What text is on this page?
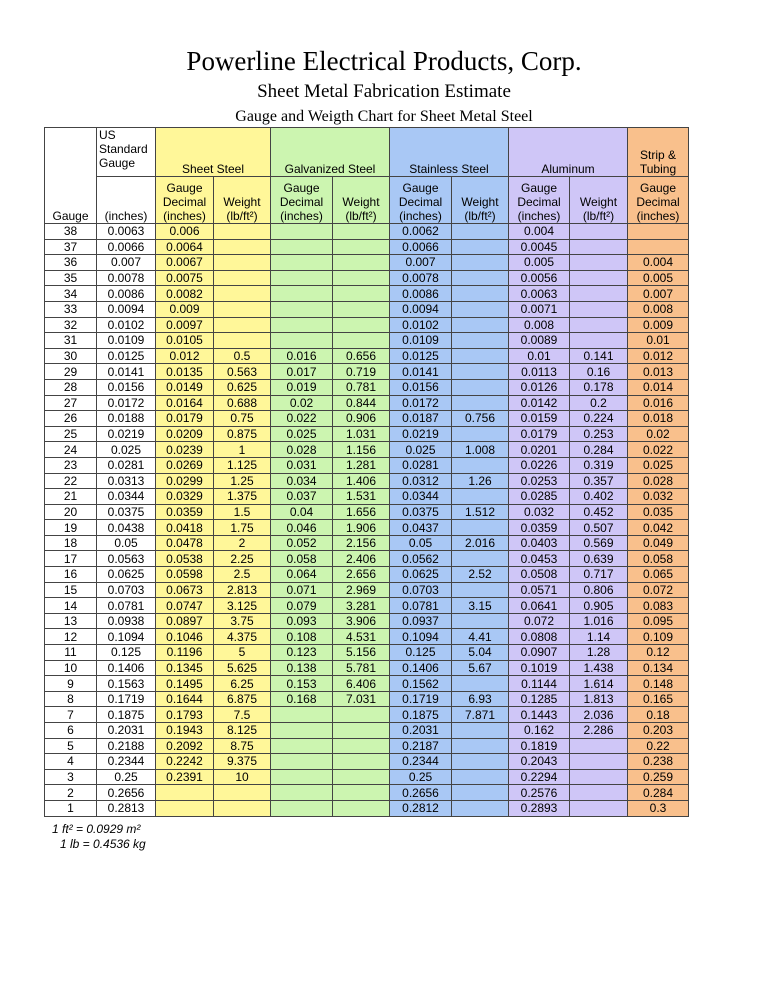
Powerline Electrical Products, Corp.
Sheet Metal Fabrication Estimate
Gauge and Weigth Chart for Sheet Metal Steel
Gauge	US Standard Gauge	Sheet Steel		Galvanized Steel		Stainless Steel		Aluminum		Strip & Tubing

	(inches)	Gauge Decimal (inches)	Weight (lb/ft²)	Gauge Decimal (inches)	Weight (lb/ft²)	Gauge Decimal (inches)	Weight (lb/ft²)	Gauge Decimal (inches)	Weight (lb/ft²)	Gauge Decimal (inches)

38	0.0063	0.006				0.0062		0.004		
37	0.0066	0.0064				0.0066		0.0045		
36	0.007	0.0067				0.007		0.005		0.004
35	0.0078	0.0075				0.0078		0.0056		0.005
34	0.0086	0.0082				0.0086		0.0063		0.007
33	0.0094	0.009				0.0094		0.0071		0.008
32	0.0102	0.0097				0.0102		0.008		0.009
31	0.0109	0.0105				0.0109		0.0089		0.01
30	0.0125	0.012	0.5	0.016	0.656	0.0125		0.01	0.141	0.012
29	0.0141	0.0135	0.563	0.017	0.719	0.0141		0.0113	0.16	0.013
28	0.0156	0.0149	0.625	0.019	0.781	0.0156		0.0126	0.178	0.014
27	0.0172	0.0164	0.688	0.02	0.844	0.0172		0.0142	0.2	0.016
26	0.0188	0.0179	0.75	0.022	0.906	0.0187	0.756	0.0159	0.224	0.018
25	0.0219	0.0209	0.875	0.025	1.031	0.0219		0.0179	0.253	0.02
24	0.025	0.0239	1	0.028	1.156	0.025	1.008	0.0201	0.284	0.022
23	0.0281	0.0269	1.125	0.031	1.281	0.0281		0.0226	0.319	0.025
22	0.0313	0.0299	1.25	0.034	1.406	0.0312	1.26	0.0253	0.357	0.028
21	0.0344	0.0329	1.375	0.037	1.531	0.0344		0.0285	0.402	0.032
20	0.0375	0.0359	1.5	0.04	1.656	0.0375	1.512	0.032	0.452	0.035
19	0.0438	0.0418	1.75	0.046	1.906	0.0437		0.0359	0.507	0.042
18	0.05	0.0478	2	0.052	2.156	0.05	2.016	0.0403	0.569	0.049
17	0.0563	0.0538	2.25	0.058	2.406	0.0562		0.0453	0.639	0.058
16	0.0625	0.0598	2.5	0.064	2.656	0.0625	2.52	0.0508	0.717	0.065
15	0.0703	0.0673	2.813	0.071	2.969	0.0703		0.0571	0.806	0.072
14	0.0781	0.0747	3.125	0.079	3.281	0.0781	3.15	0.0641	0.905	0.083
13	0.0938	0.0897	3.75	0.093	3.906	0.0937		0.072	1.016	0.095
12	0.1094	0.1046	4.375	0.108	4.531	0.1094	4.41	0.0808	1.14	0.109
11	0.125	0.1196	5	0.123	5.156	0.125	5.04	0.0907	1.28	0.12
10	0.1406	0.1345	5.625	0.138	5.781	0.1406	5.67	0.1019	1.438	0.134
9	0.1563	0.1495	6.25	0.153	6.406	0.1562		0.1144	1.614	0.148
8	0.1719	0.1644	6.875	0.168	7.031	0.1719	6.93	0.1285	1.813	0.165
7	0.1875	0.1793	7.5			0.1875	7.871	0.1443	2.036	0.18
6	0.2031	0.1943	8.125			0.2031		0.162	2.286	0.203
5	0.2188	0.2092	8.75			0.2187		0.1819		0.22
4	0.2344	0.2242	9.375			0.2344		0.2043		0.238
3	0.25	0.2391	10			0.25		0.2294		0.259
2	0.2656					0.2656		0.2576		0.284
1	0.2813					0.2812		0.2893		0.3
1 ft² = 0.0929 m²
1 lb = 0.4536 kg
